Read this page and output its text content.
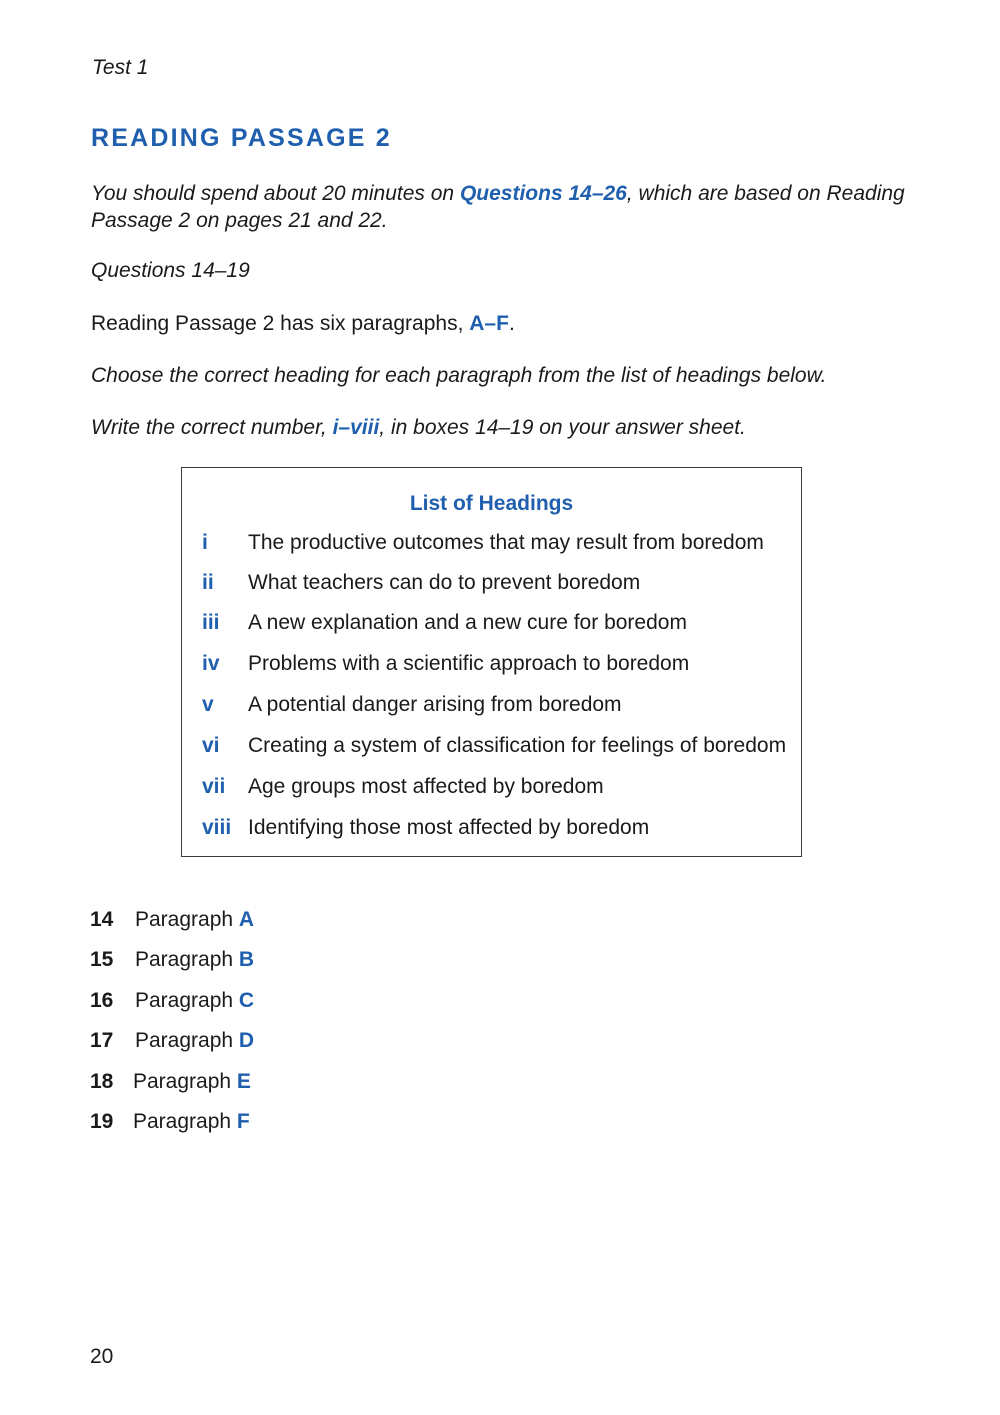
Test 1
READING PASSAGE 2
You should spend about 20 minutes on Questions 14–26, which are based on Reading Passage 2 on pages 21 and 22.
Questions 14–19
Reading Passage 2 has six paragraphs, A–F.
Choose the correct heading for each paragraph from the list of headings below.
Write the correct number, i–viii, in boxes 14–19 on your answer sheet.
List of Headings
i The productive outcomes that may result from boredom
ii What teachers can do to prevent boredom
iii A new explanation and a new cure for boredom
iv Problems with a scientific approach to boredom
v A potential danger arising from boredom
vi Creating a system of classification for feelings of boredom
vii Age groups most affected by boredom
viii Identifying those most affected by boredom
14 Paragraph A
15 Paragraph B
16 Paragraph C
17 Paragraph D
18 Paragraph E
19 Paragraph F
20
